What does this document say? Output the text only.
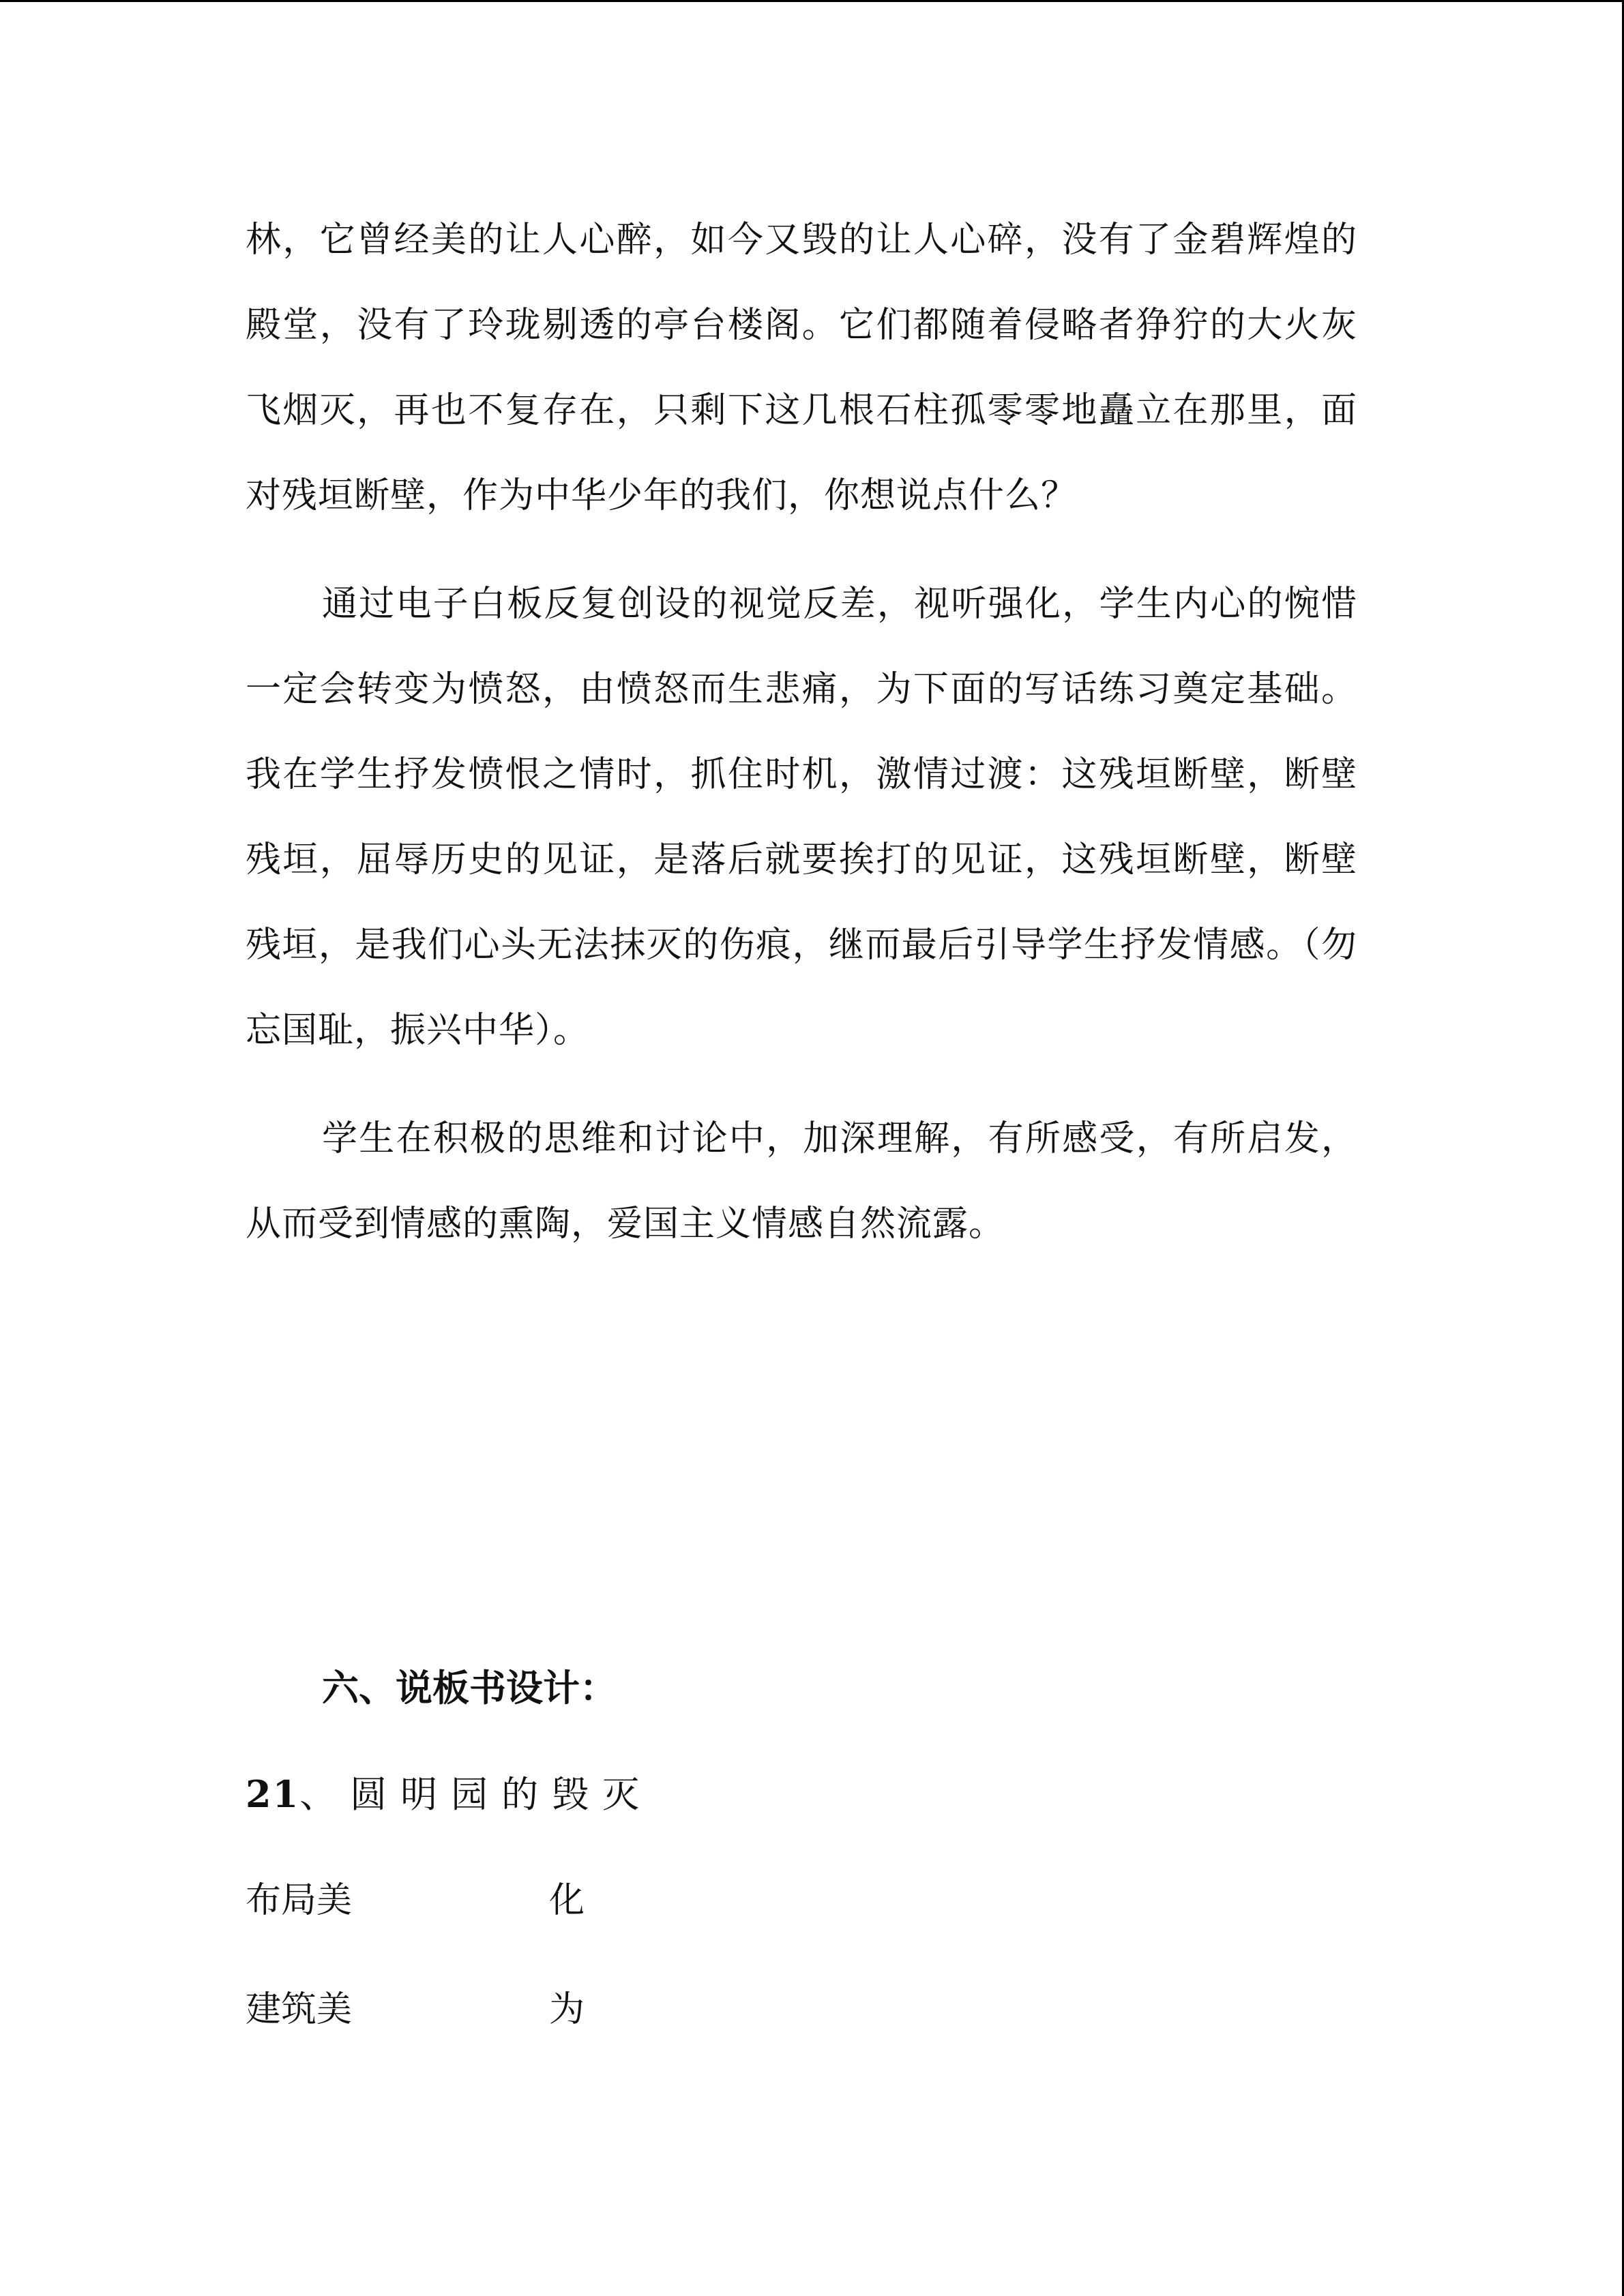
林，它曾经美的让人心醉，如今又毁的让人心碎，没有了金碧辉煌的殿堂，没有了玲珑剔透的亭台楼阁。它们都随着侵略者狰狞的大火灰飞烟灭，再也不复存在，只剩下这几根石柱孤零零地矗立在那里，面对残垣断壁，作为中华少年的我们，你想说点什么？

通过电子白板反复创设的视觉反差，视听强化，学生内心的惋惜一定会转变为愤怒，由愤怒而生悲痛，为下面的写话练习奠定基础。我在学生抒发愤恨之情时，抓住时机，激情过渡：这残垣断壁，断壁残垣，屈辱历史的见证，是落后就要挨打的见证，这残垣断壁，断壁残垣，是我们心头无法抹灭的伤痕，继而最后引导学生抒发情感。（勿忘国耻，振兴中华）。

学生在积极的思维和讨论中，加深理解，有所感受，有所启发，从而受到情感的熏陶，爱国主义情感自然流露。

六、说板书设计：
21、圆明园的毁灭
布局美	化
建筑美	为
